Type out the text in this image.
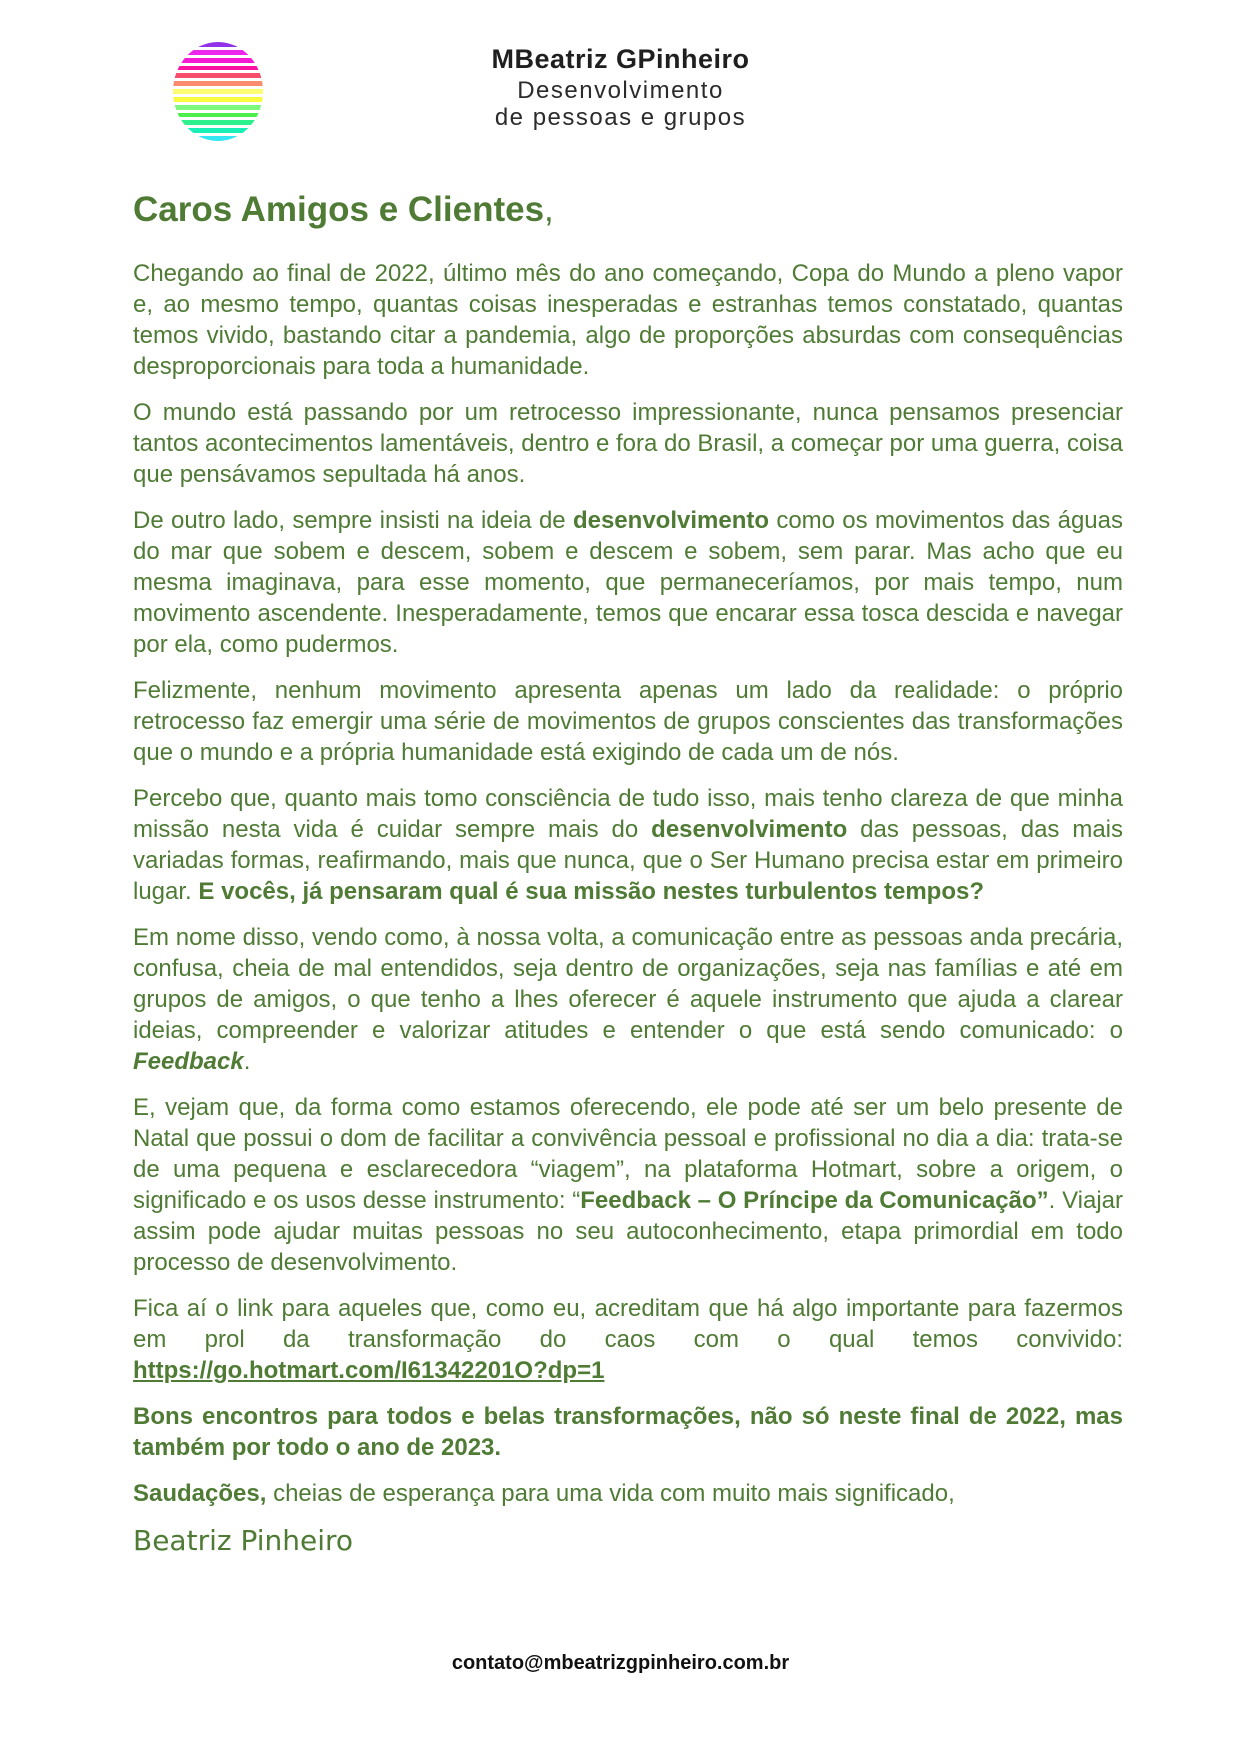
MBeatriz GPinheiro
Desenvolvimento
de pessoas e grupos
Caros Amigos e Clientes,

Chegando ao final de 2022, último mês do ano começando, Copa do Mundo a pleno vapor e, ao mesmo tempo, quantas coisas inesperadas e estranhas temos constatado, quantas temos vivido, bastando citar a pandemia, algo de proporções absurdas com consequências desproporcionais para toda a humanidade.

O mundo está passando por um retrocesso impressionante, nunca pensamos presenciar tantos acontecimentos lamentáveis, dentro e fora do Brasil, a começar por uma guerra, coisa que pensávamos sepultada há anos.

De outro lado, sempre insisti na ideia de desenvolvimento como os movimentos das águas do mar que sobem e descem, sobem e descem e sobem, sem parar. Mas acho que eu mesma imaginava, para esse momento, que permaneceríamos, por mais tempo, num movimento ascendente. Inesperadamente, temos que encarar essa tosca descida e navegar por ela, como pudermos.

Felizmente, nenhum movimento apresenta apenas um lado da realidade: o próprio retrocesso faz emergir uma série de movimentos de grupos conscientes das transformações que o mundo e a própria humanidade está exigindo de cada um de nós.

Percebo que, quanto mais tomo consciência de tudo isso, mais tenho clareza de que minha missão nesta vida é cuidar sempre mais do desenvolvimento das pessoas, das mais variadas formas, reafirmando, mais que nunca, que o Ser Humano precisa estar em primeiro lugar. E vocês, já pensaram qual é sua missão nestes turbulentos tempos?

Em nome disso, vendo como, à nossa volta, a comunicação entre as pessoas anda precária, confusa, cheia de mal entendidos, seja dentro de organizações, seja nas famílias e até em grupos de amigos, o que tenho a lhes oferecer é aquele instrumento que ajuda a clarear ideias, compreender e valorizar atitudes e entender o que está sendo comunicado: o Feedback.

E, vejam que, da forma como estamos oferecendo, ele pode até ser um belo presente de Natal que possui o dom de facilitar a convivência pessoal e profissional no dia a dia: trata-se de uma pequena e esclarecedora “viagem”, na plataforma Hotmart, sobre a origem, o significado e os usos desse instrumento: “Feedback – O Príncipe da Comunicação”. Viajar assim pode ajudar muitas pessoas no seu autoconhecimento, etapa primordial em todo processo de desenvolvimento.

Fica aí o link para aqueles que, como eu, acreditam que há algo importante para fazermos em prol da transformação do caos com o qual temos convivido: https://go.hotmart.com/I61342201O?dp=1

Bons encontros para todos e belas transformações, não só neste final de 2022, mas também por todo o ano de 2023.

Saudações, cheias de esperança para uma vida com muito mais significado,

Beatriz Pinheiro
contato@mbeatrizgpinheiro.com.br
